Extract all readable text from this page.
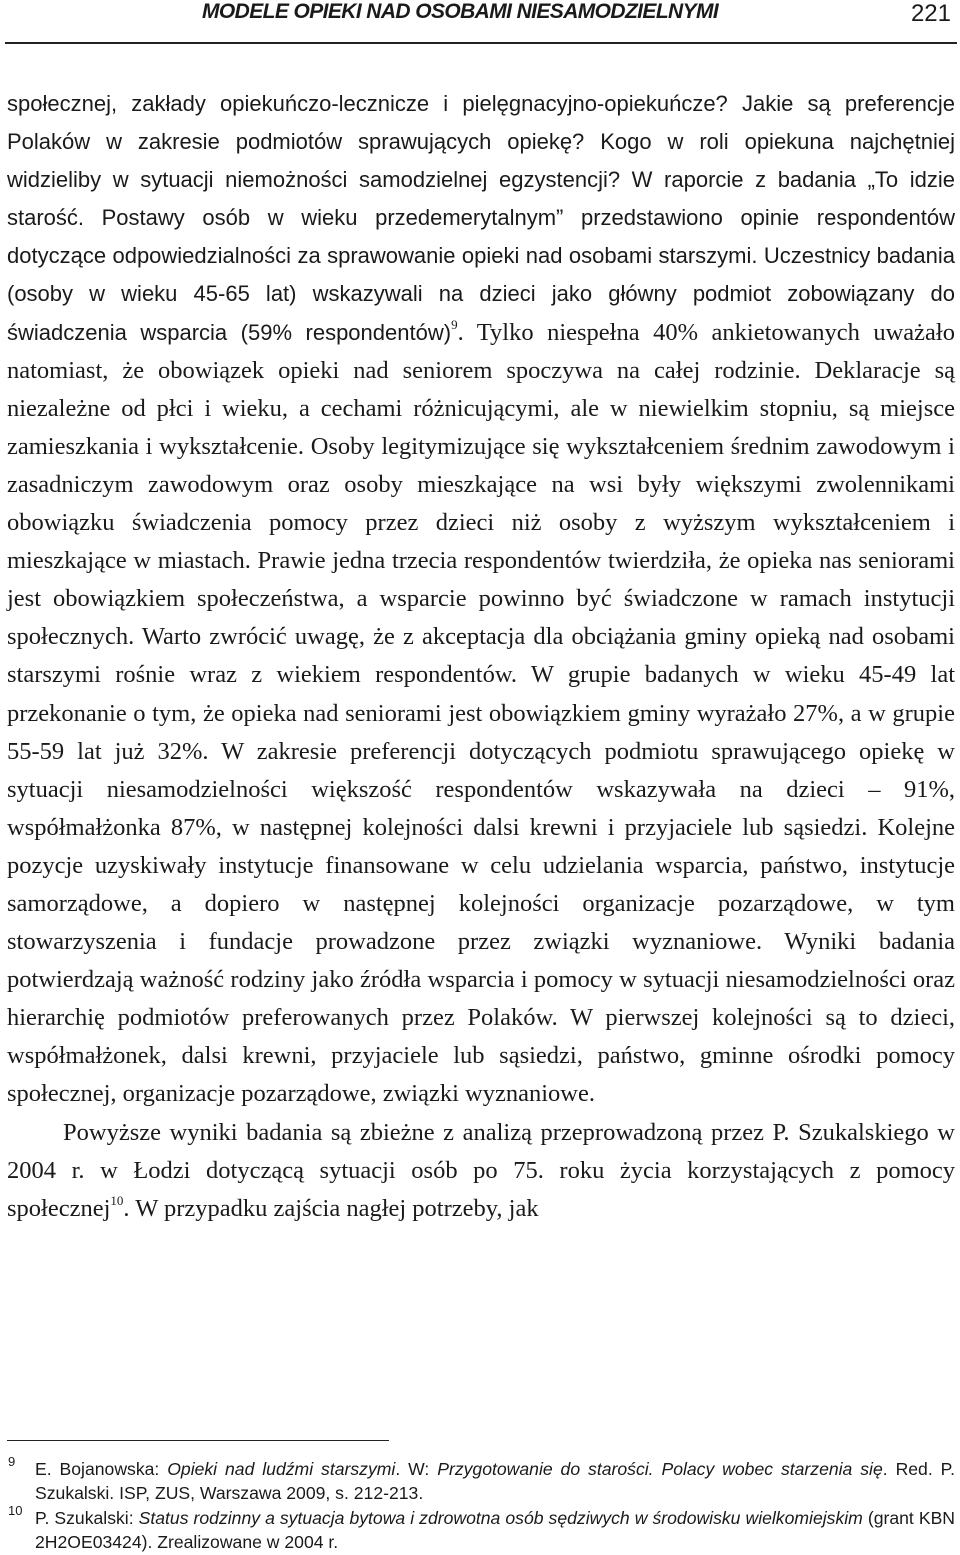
MODELE OPIEKI NAD OSOBAMI NIESAMODZIELNYMI	221

społecznej, zakłady opiekuńczo-lecznicze i pielęgnacyjno-opiekuńcze? Jakie są preferencje Polaków w zakresie podmiotów sprawujących opiekę? Kogo w roli opiekuna najchętniej widzieliby w sytuacji niemożności samodzielnej egzystencji? W raporcie z badania „To idzie starość. Postawy osób w wieku przedemerytalnym” przedstawiono opinie respondentów dotyczące odpowiedzialności za sprawowanie opieki nad osobami starszymi. Uczestnicy badania (osoby w wieku 45-65 lat) wskazywali na dzieci jako główny podmiot zobowiązany do świadczenia wsparcia (59% respondentów)$^9$. Tylko niespełna 40% ankietowanych uważało natomiast, że obowiązek opieki nad seniorem spoczywa na całej rodzinie. Deklaracje są niezależne od płci i wieku, a cechami różnicującymi, ale w niewielkim stopniu, są miejsce zamieszkania i wykształcenie. Osoby legitymizujące się wykształceniem średnim zawodowym i zasadniczym zawodowym oraz osoby mieszkające na wsi były większymi zwolennikami obowiązku świadczenia pomocy przez dzieci niż osoby z wyższym wykształceniem i mieszkające w miastach. Prawie jedna trzecia respondentów twierdziła, że opieka nas seniorami jest obowiązkiem społeczeństwa, a wsparcie powinno być świadczone w ramach instytucji społecznych. Warto zwrócić uwagę, że z akceptacja dla obciążania gminy opieką nad osobami starszymi rośnie wraz z wiekiem respondentów. W grupie badanych w wieku 45-49 lat przekonanie o tym, że opieka nad seniorami jest obowiązkiem gminy wyrażało 27%, a w grupie 55-59 lat już 32%. W zakresie preferencji dotyczących podmiotu sprawującego opiekę w sytuacji niesamodzielności większość respondentów wskazywała na dzieci – 91%, współmałżonka 87%, w następnej kolejności dalsi krewni i przyjaciele lub sąsiedzi. Kolejne pozycje uzyskiwały instytucje finansowane w celu udzielania wsparcia, państwo, instytucje samorządowe, a dopiero w następnej kolejności organizacje pozarządowe, w tym stowarzyszenia i fundacje prowadzone przez związki wyznaniowe. Wyniki badania potwierdzają ważność rodziny jako źródła wsparcia i pomocy w sytuacji niesamodzielności oraz hierarchię podmiotów preferowanych przez Polaków. W pierwszej kolejności są to dzieci, współmałżonek, dalsi krewni, przyjaciele lub sąsiedzi, państwo, gminne ośrodki pomocy społecznej, organizacje pozarządowe, związki wyznaniowe.

Powyższe wyniki badania są zbieżne z analizą przeprowadzoną przez P. Szukalskiego w 2004 r. w Łodzi dotyczącą sytuacji osób po 75. roku życia korzystających z pomocy społecznej$^{10}$. W przypadku zajścia nagłej potrzeby, jak

9 E. Bojanowska: Opieki nad ludźmi starszymi. W: Przygotowanie do starości. Polacy wobec starzenia się. Red. P. Szukalski. ISP, ZUS, Warszawa 2009, s. 212-213.
10 P. Szukalski: Status rodzinny a sytuacja bytowa i zdrowotna osób sędziwych w środowisku wielkomiejskim (grant KBN 2H2OE03424). Zrealizowane w 2004 r.
